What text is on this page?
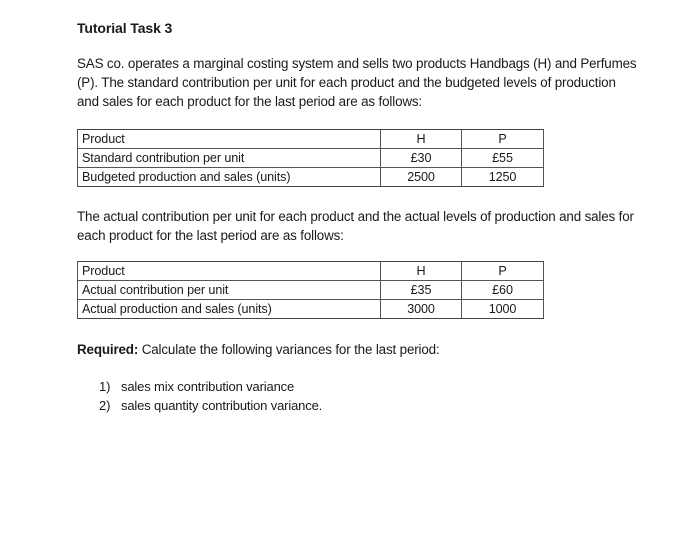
Tutorial Task 3
SAS co. operates a marginal costing system and sells two products Handbags (H) and Perfumes (P). The standard contribution per unit for each product and the budgeted levels of production and sales for each product for the last period are as follows:
Product	H	P
Standard contribution per unit	£30	£55
Budgeted production and sales (units)	2500	1250
The actual contribution per unit for each product and the actual levels of production and sales for each product for the last period are as follows:
Product	H	P
Actual contribution per unit	£35	£60
Actual production and sales (units)	3000	1000
Required: Calculate the following variances for the last period:
1) sales mix contribution variance
2) sales quantity contribution variance.
